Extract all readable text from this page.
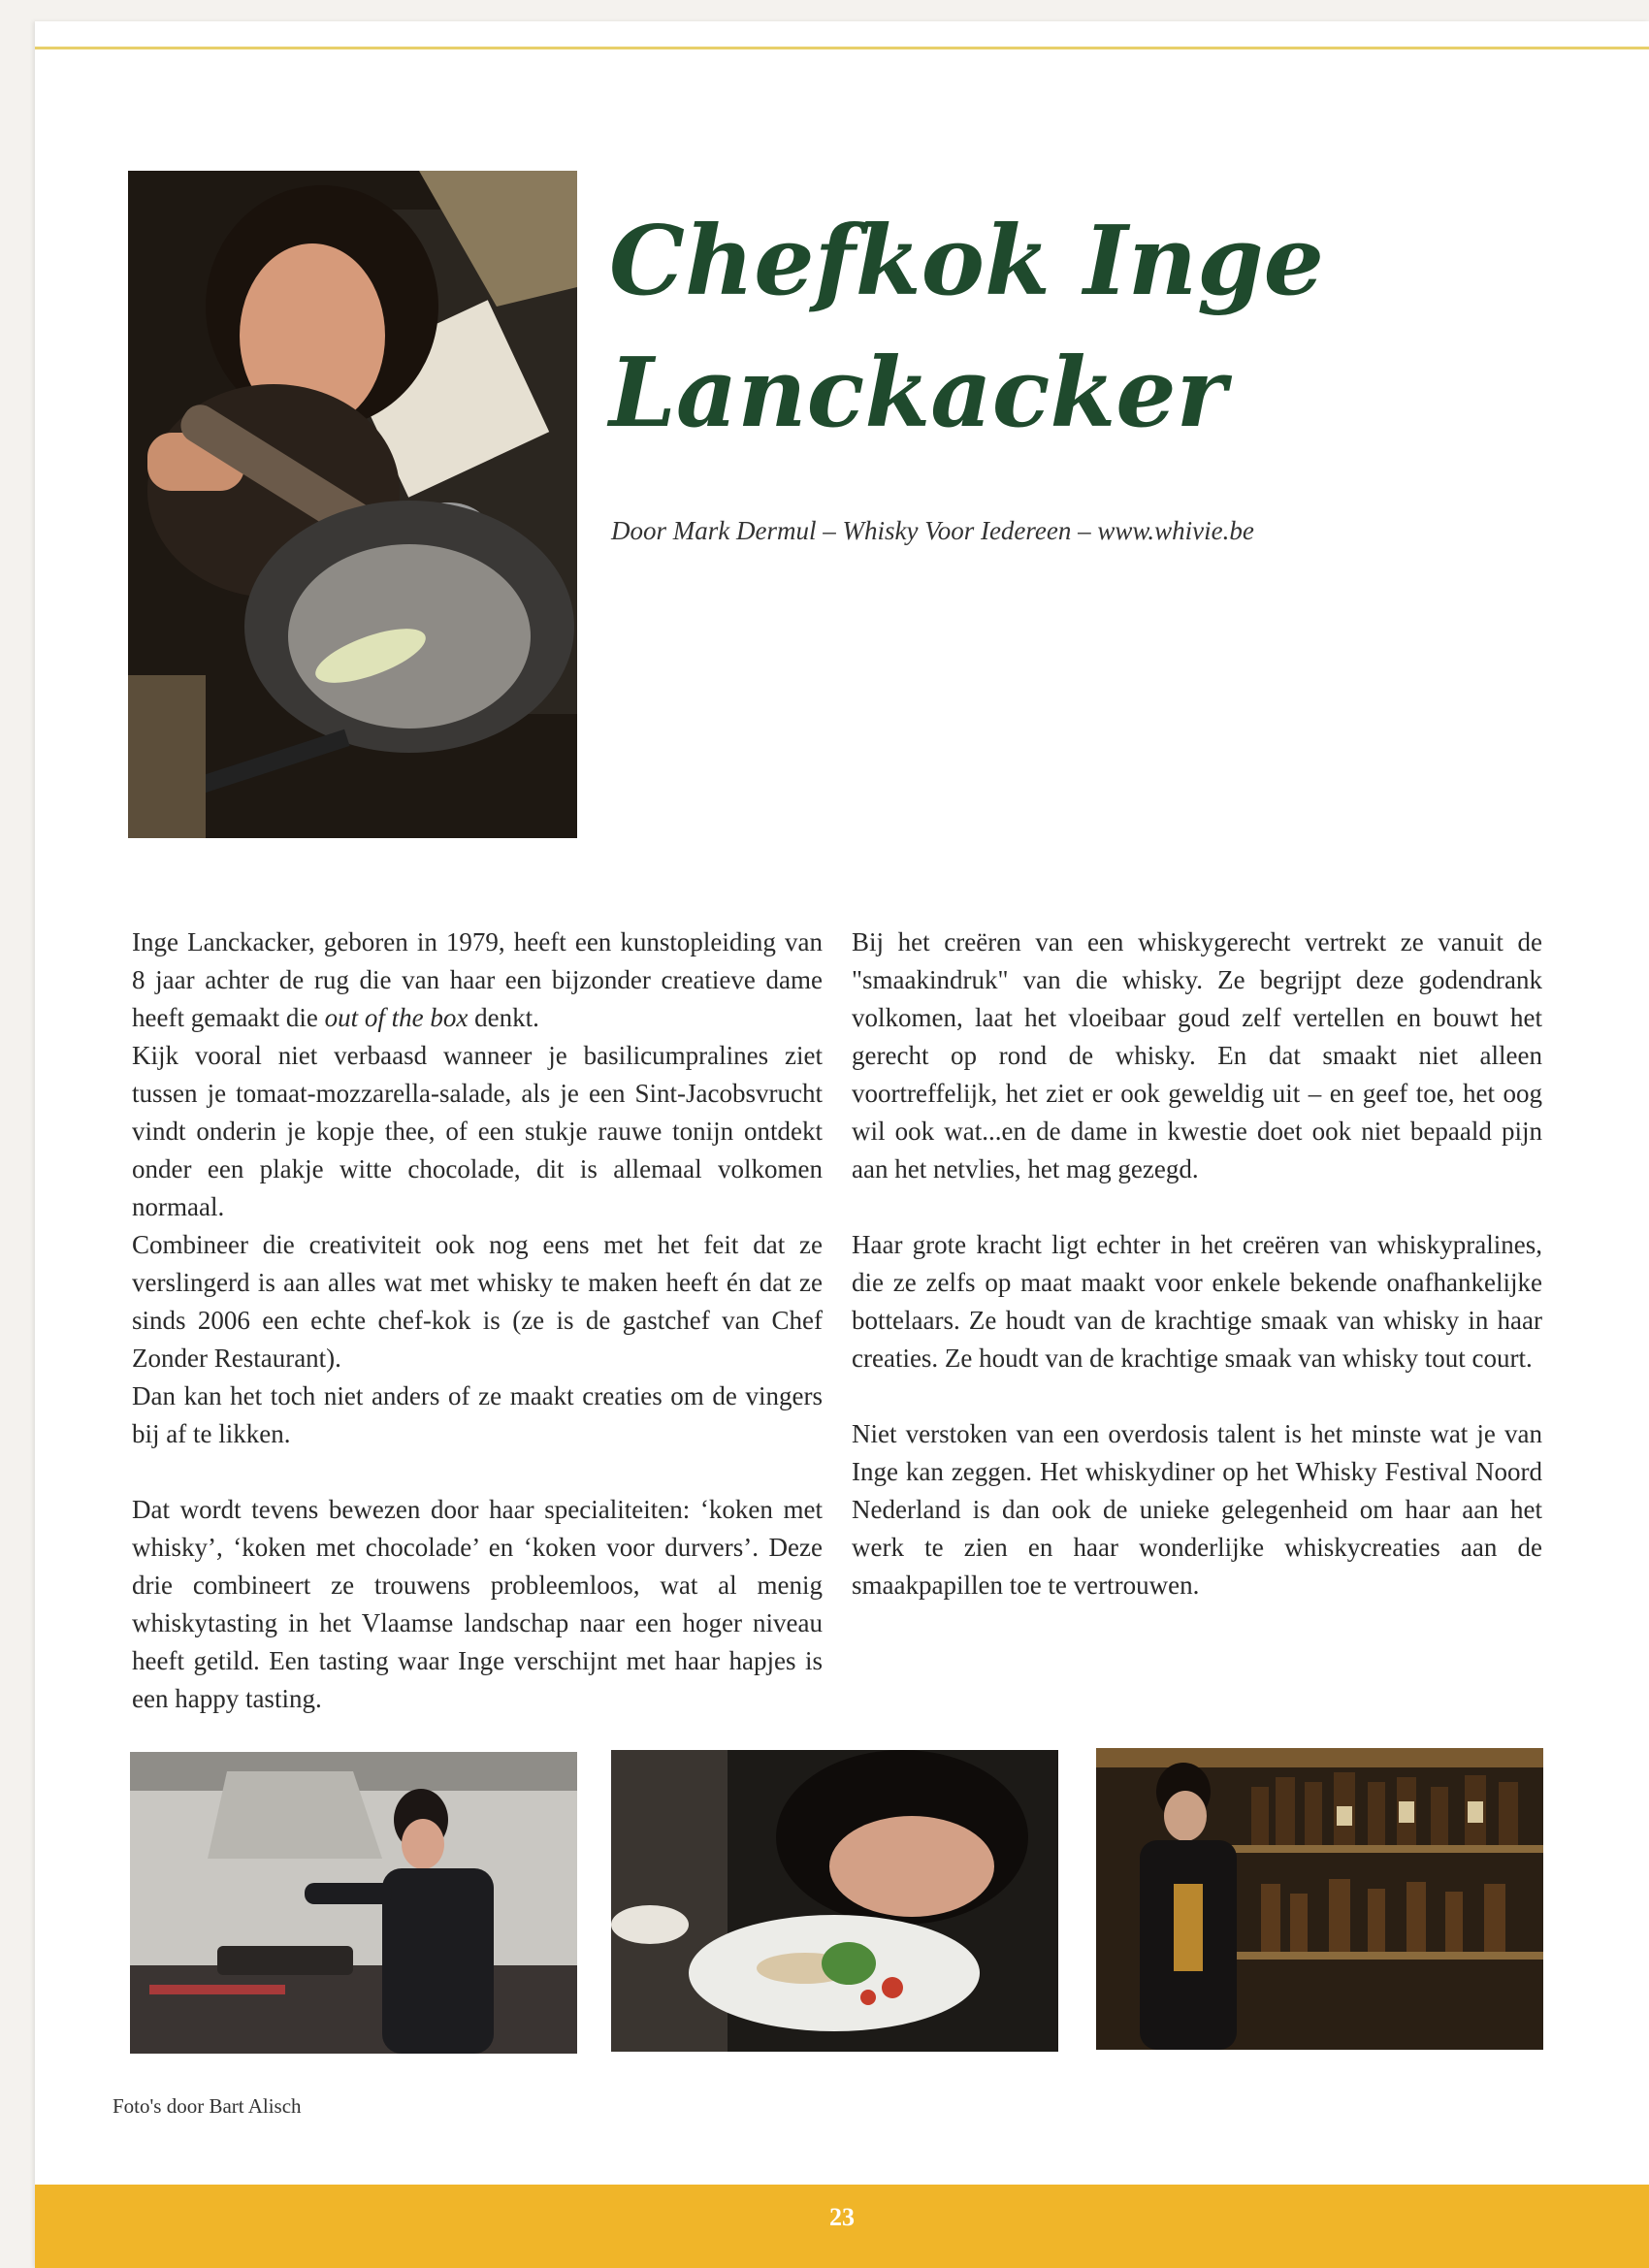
Chefkok Inge
Lanckacker
Door Mark Dermul – Whisky Voor Iedereen – www.whivie.be

Inge Lanckacker, geboren in 1979, heeft een kunstopleiding van 8 jaar achter de rug die van haar een bijzonder creatieve dame heeft gemaakt die out of the box denkt.

Kijk vooral niet verbaasd wanneer je basilicumpralines ziet tussen je tomaat-mozzarella-salade, als je een Sint-Jacobsvrucht vindt onderin je kopje thee, of een stukje rauwe tonijn ontdekt onder een plakje witte chocolade, dit is allemaal volkomen normaal.

Combineer die creativiteit ook nog eens met het feit dat ze verslingerd is aan alles wat met whisky te maken heeft én dat ze sinds 2006 een echte chef-kok is (ze is de gastchef van Chef Zonder Restaurant).

Dan kan het toch niet anders of ze maakt creaties om de vingers bij af te likken.

Dat wordt tevens bewezen door haar specialiteiten: ‘koken met whisky’, ‘koken met chocolade’ en ‘koken voor durvers’. Deze drie combineert ze trouwens probleemloos, wat al menig whiskytasting in het Vlaamse landschap naar een hoger niveau heeft getild. Een tasting waar Inge verschijnt met haar hapjes is een happy tasting.

Bij het creëren van een whiskygerecht vertrekt ze vanuit de "smaakindruk" van die whisky. Ze begrijpt deze godendrank volkomen, laat het vloeibaar goud zelf vertellen en bouwt het gerecht op rond de whisky. En dat smaakt niet alleen voortreffelijk, het ziet er ook geweldig uit – en geef toe, het oog wil ook wat...en de dame in kwestie doet ook niet bepaald pijn aan het netvlies, het mag gezegd.

Haar grote kracht ligt echter in het creëren van whiskypralines, die ze zelfs op maat maakt voor enkele bekende onafhankelijke bottelaars. Ze houdt van de krachtige smaak van whisky in haar creaties. Ze houdt van de krachtige smaak van whisky tout court.

Niet verstoken van een overdosis talent is het minste wat je van Inge kan zeggen. Het whiskydiner op het Whisky Festival Noord Nederland is dan ook de unieke gelegenheid om haar aan het werk te zien en haar wonderlijke whiskycreaties aan de smaakpapillen toe te vertrouwen.

Foto's door Bart Alisch
23
